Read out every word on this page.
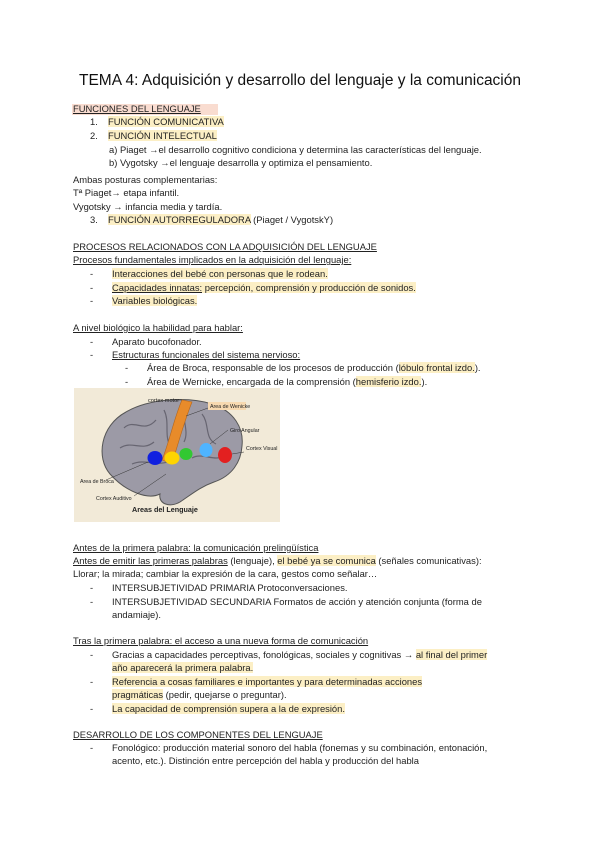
TEMA 4: Adquisición y desarrollo del lenguaje y la comunicación
FUNCIONES DEL LENGUAJE
1. FUNCIÓN COMUNICATIVA
2. FUNCIÓN INTELECTUAL
a) Piaget →el desarrollo cognitivo condiciona y determina las características del lenguaje.
b) Vygotsky →el lenguaje desarrolla y optimiza el pensamiento.
Ambas posturas complementarias:
Tª Piaget→ etapa infantil.
Vygotsky → infancia media y tardía.
3. FUNCIÓN AUTORREGULADORA (Piaget / VygotskY)
PROCESOS RELACIONADOS CON LA ADQUISICIÓN DEL LENGUAJE
Procesos fundamentales implicados en la adquisición del lenguaje:
- Interacciones del bebé con personas que le rodean.
- Capacidades innatas: percepción, comprensión y producción de sonidos.
- Variables biológicas.
A nivel biológico la habilidad para hablar:
- Aparato bucofonador.
- Estructuras funcionales del sistema nervioso:
- Área de Broca, responsable de los procesos de producción (lóbulo frontal izdo.).
- Área de Wernicke, encargada de la comprensión (hemisferio izdo.).
cortex motor
Area de Wenicke
Giro Angular
Cortex Visual
Area de Broca
Cortex Auditivo
Areas del Lenguaje
Antes de la primera palabra: la comunicación prelingüística
Antes de emitir las primeras palabras (lenguaje), el bebé ya se comunica (señales comunicativas):
Llorar; la mirada; cambiar la expresión de la cara, gestos como señalar…
- INTERSUBJETIVIDAD PRIMARIA Protoconversaciones.
- INTERSUBJETIVIDAD SECUNDARIA Formatos de acción y atención conjunta (forma de
andamiaje).
Tras la primera palabra: el acceso a una nueva forma de comunicación
- Gracias a capacidades perceptivas, fonológicas, sociales y cognitivas → al final del primer
año aparecerá la primera palabra.
- Referencia a cosas familiares e importantes y para determinadas acciones
pragmáticas (pedir, quejarse o preguntar).
- La capacidad de comprensión supera a la de expresión.
DESARROLLO DE LOS COMPONENTES DEL LENGUAJE
- Fonológico: producción material sonoro del habla (fonemas y su combinación, entonación,
acento, etc.). Distinción entre percepción del habla y producción del habla
